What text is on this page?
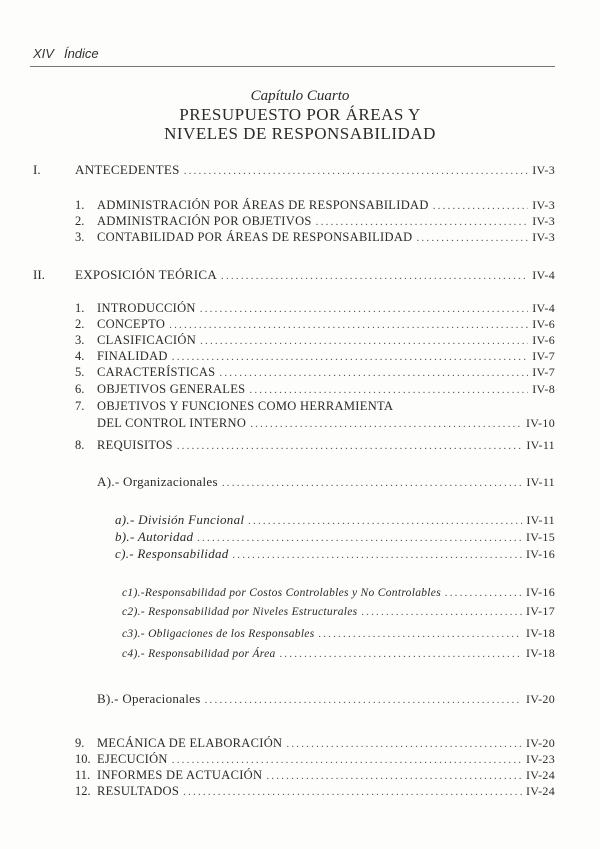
XIV Índice
Capítulo Cuarto
PRESUPUESTO POR ÁREAS Y
NIVELES DE RESPONSABILIDAD
I.	ANTECEDENTES .....	IV-3
1.	ADMINISTRACIÓN POR ÁREAS DE RESPONSABILIDAD .....	IV-3
2.	ADMINISTRACIÓN POR OBJETIVOS .....	IV-3
3.	CONTABILIDAD POR ÁREAS DE RESPONSABILIDAD .....	IV-3
II.	EXPOSICIÓN TEÓRICA .....	IV-4
1.	INTRODUCCIÓN .....	IV-4
2.	CONCEPTO .....	IV-6
3.	CLASIFICACIÓN .....	IV-6
4.	FINALIDAD .....	IV-7
5.	CARACTERÍSTICAS .....	IV-7
6.	OBJETIVOS GENERALES .....	IV-8
7.	OBJETIVOS Y FUNCIONES COMO HERRAMIENTA
DEL CONTROL INTERNO .....	IV-10
8.	REQUISITOS .....	IV-11
A).- Organizacionales .....	IV-11
a).- División Funcional .....	IV-11
b).- Autoridad .....	IV-15
c).- Responsabilidad .....	IV-16
c1).-Responsabilidad por Costos Controlables y No Controlables .....	IV-16
c2).- Responsabilidad por Niveles Estructurales .....	IV-17
c3).- Obligaciones de los Responsables .....	IV-18
c4).- Responsabilidad por Área .....	IV-18
B).- Operacionales .....	IV-20
9.	MECÁNICA DE ELABORACIÓN .....	IV-20
10. EJECUCIÓN .....	IV-23
11. INFORMES DE ACTUACIÓN .....	IV-24
12. RESULTADOS .....	IV-24
